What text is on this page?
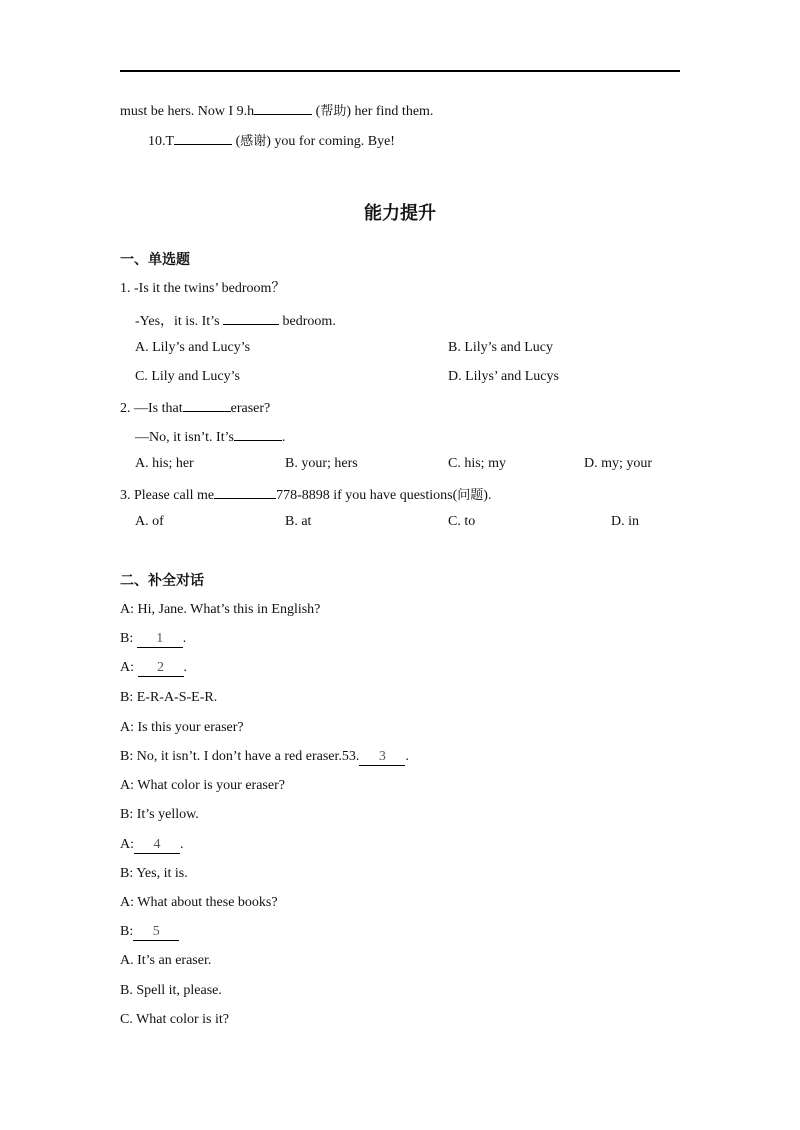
must be hers. Now I 9.h	(帮助) her find them.
10.T	(感谢) you for coming. Bye!
能力提升
一、单选题
1. -Is it the twins’ bedroom？
-Yes，it is. It’s	bedroom.
A. Lily’s and Lucy’s	B. Lily’s and Lucy
C. Lily and Lucy’s	D. Lilys’ and Lucys
2. —Is that	eraser?
—No, it isn’t. It’s	.
A. his; her	B. your; hers	C. his; my	D. my; your
3. Please call me	778-8898 if you have questions(问题).
A. of	B. at	C. to	D. in
二、补全对话
A: Hi, Jane. What’s this in English?
B: 1 .
A: 2 .
B: E-R-A-S-E-R.
A: Is this your eraser?
B: No, it isn’t. I don’t have a red eraser.53. 3 .
A: What color is your eraser?
B: It’s yellow.
A: 4 .
B: Yes, it is.
A: What about these books?
B: 5
A. It’s an eraser.
B. Spell it, please.
C. What color is it?
